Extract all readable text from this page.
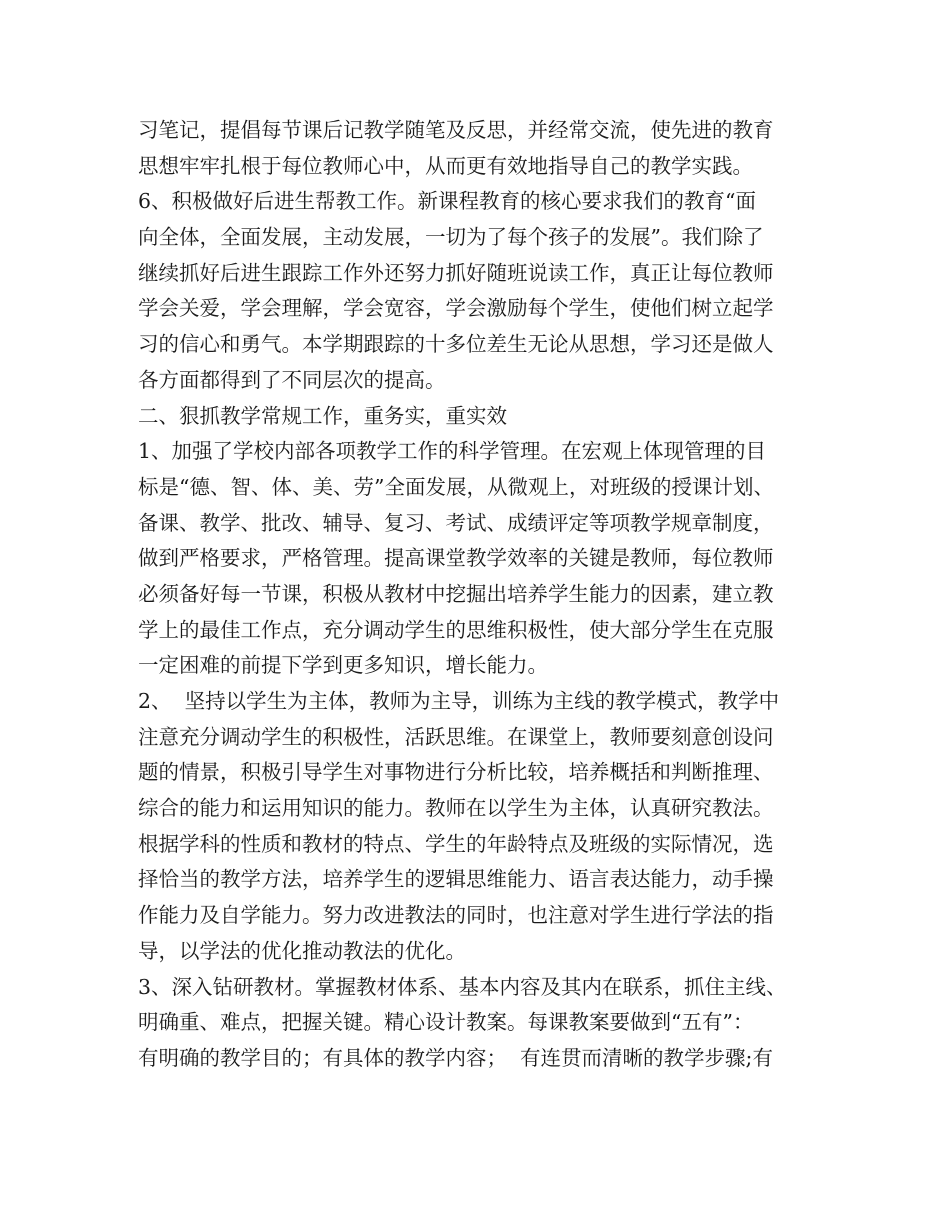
习笔记，提倡每节课后记教学随笔及反思，并经常交流，使先进的教育
思想牢牢扎根于每位教师心中，从而更有效地指导自己的教学实践。
6、积极做好后进生帮教工作。新课程教育的核心要求我们的教育“面
向全体，全面发展，主动发展，一切为了每个孩子的发展”。我们除了
继续抓好后进生跟踪工作外还努力抓好随班说读工作，真正让每位教师
学会关爱，学会理解，学会宽容，学会激励每个学生，使他们树立起学
习的信心和勇气。本学期跟踪的十多位差生无论从思想，学习还是做人
各方面都得到了不同层次的提高。
二、狠抓教学常规工作，重务实，重实效
1、加强了学校内部各项教学工作的科学管理。在宏观上体现管理的目
标是“德、智、体、美、劳”全面发展，从微观上，对班级的授课计划、
备课、教学、批改、辅导、复习、考试、成绩评定等项教学规章制度，
做到严格要求，严格管理。提高课堂教学效率的关键是教师，每位教师
必须备好每一节课，积极从教材中挖掘出培养学生能力的因素，建立教
学上的最佳工作点，充分调动学生的思维积极性，使大部分学生在克服
一定困难的前提下学到更多知识，增长能力。
2、  坚持以学生为主体，教师为主导，训练为主线的教学模式，教学中
注意充分调动学生的积极性，活跃思维。在课堂上，教师要刻意创设问
题的情景，积极引导学生对事物进行分析比较，培养概括和判断推理、
综合的能力和运用知识的能力。教师在以学生为主体，认真研究教法。
根据学科的性质和教材的特点、学生的年龄特点及班级的实际情况，选
择恰当的教学方法，培养学生的逻辑思维能力、语言表达能力，动手操
作能力及自学能力。努力改进教法的同时，也注意对学生进行学法的指
导，以学法的优化推动教法的优化。
3、深入钻研教材。掌握教材体系、基本内容及其内在联系，抓住主线、
明确重、难点，把握关键。精心设计教案。每课教案要做到“五有”：
有明确的教学目的；有具体的教学内容；  有连贯而清晰的教学步骤;有
